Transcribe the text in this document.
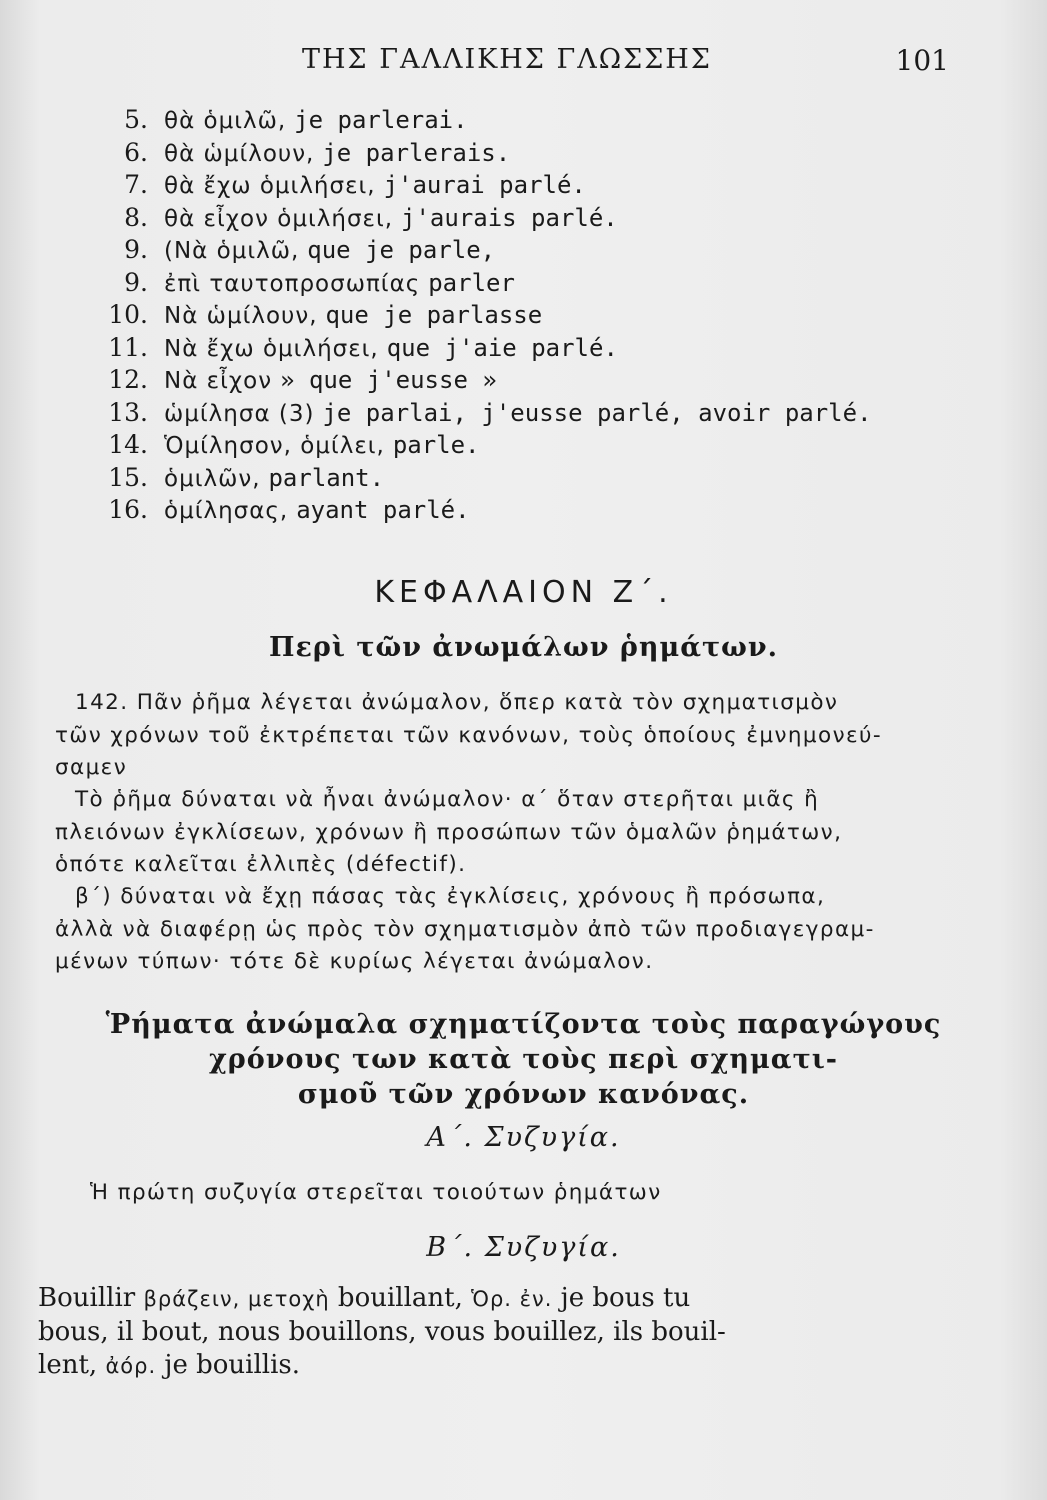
ΤΗΣ ΓΑΛΛΙΚΗΣ ΓΛΩΣΣΗΣ	101
5. θὰ ὁμιλῶ, je parlerai.
6. θὰ ὡμίλουν, je parlerais.
7. θὰ ἔχω ὁμιλήσει, j'aurai parlé.
8. θὰ εἶχον ὁμιλήσει, j'aurais parlé.
9. (Νὰ ὁμιλῶ, que je parle,
9. ἐπὶ ταυτοπροσωπίας parler
10. Νὰ ὡμίλουν, que je parlasse
11. Νὰ ἔχω ὁμιλήσει, que j'aie parlé.
12. Νὰ εἶχον » que j'eusse »
13. ὡμίλησα (3) je parlai, j'eusse parlé, avoir parlé.
14. Ὁμίλησον, ὁμίλει, parle.
15. ὁμιλῶν, parlant.
16. ὁμίλησας, ayant parlé.
ΚΕΦΑΛΑΙΟΝ Ζ΄.
Περὶ τῶν ἀνωμάλων ῥημάτων.
142. Πᾶν ῥῆμα λέγεται ἀνώμαλον, ὅπερ κατὰ τὸν σχηματισμὸν
τῶν χρόνων τοῦ ἐκτρέπεται τῶν κανόνων, τοὺς ὁποίους ἐμνημονεύ-
σαμεν
Τὸ ῥῆμα δύναται νὰ ἦναι ἀνώμαλον· α΄ ὅταν στερῆται μιᾶς ἢ
πλειόνων ἐγκλίσεων, χρόνων ἢ προσώπων τῶν ὁμαλῶν ῥημάτων,
ὁπότε καλεῖται ἐλλιπὲς (défectif).
β΄) δύναται νὰ ἔχῃ πάσας τὰς ἐγκλίσεις, χρόνους ἢ πρόσωπα,
ἀλλὰ νὰ διαφέρῃ ὡς πρὸς τὸν σχηματισμὸν ἀπὸ τῶν προδιαγεγραμ-
μένων τύπων· τότε δὲ κυρίως λέγεται ἀνώμαλον.
Ῥήματα ἀνώμαλα σχηματίζοντα τοὺς παραγώγους
χρόνους των κατὰ τοὺς περὶ σχηματι-
σμοῦ τῶν χρόνων κανόνας.
Α΄. Συζυγία.
Ἡ πρώτη συζυγία στερεῖται τοιούτων ῥημάτων
Β΄. Συζυγία.
Bouillir βράζειν, μετοχὴ bouillant, Ὁρ. ἐν. je bous tu
bous, il bout, nous bouillons, vous bouillez, ils bouil-
lent, ἀόρ. je bouillis.
